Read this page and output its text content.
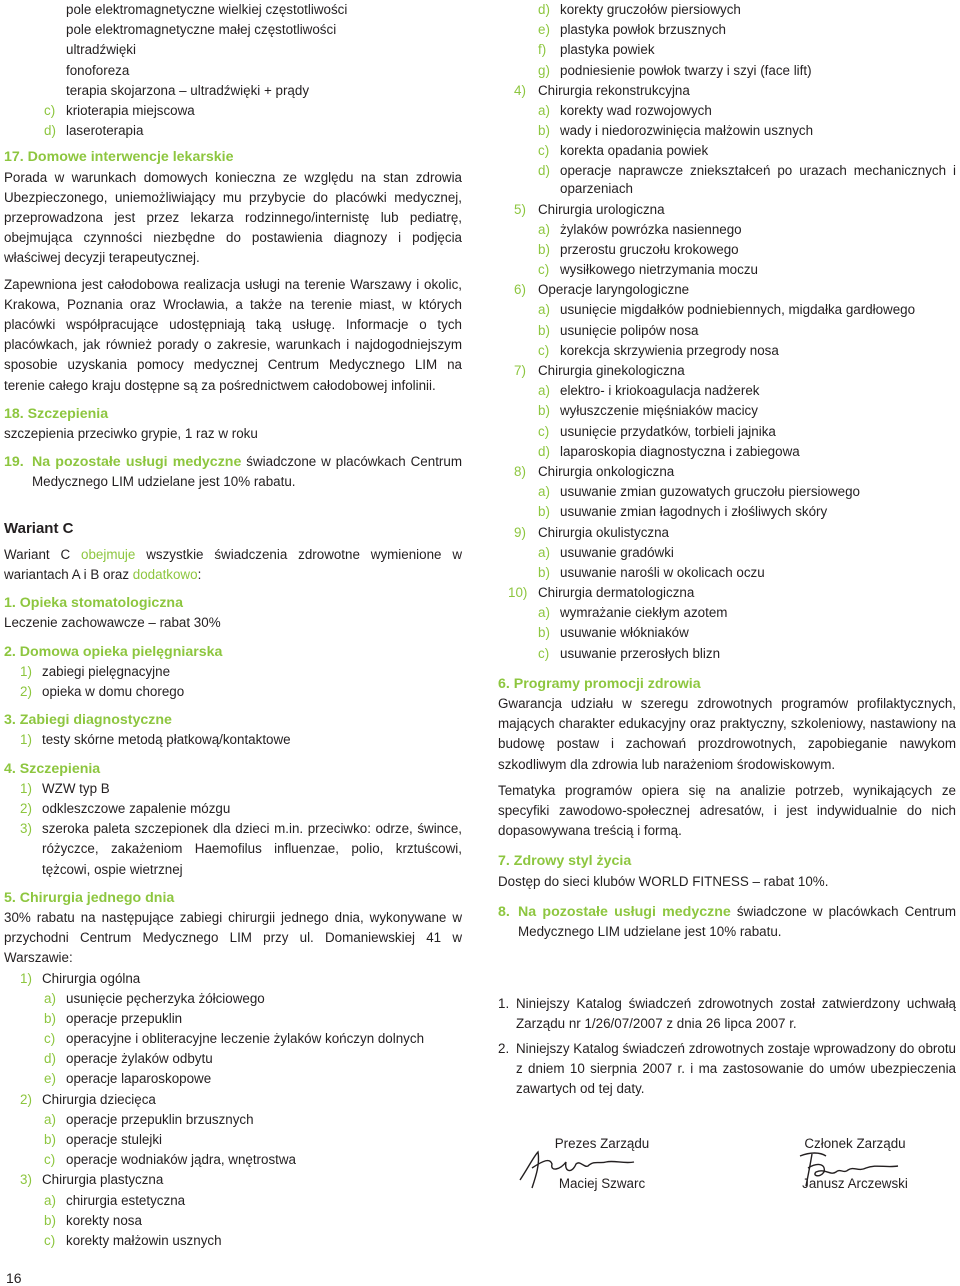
pole elektromagnetyczne wielkiej częstotliwości
pole elektromagnetyczne małej częstotliwości
ultradźwięki
fonoforeza
terapia skojarzona – ultradźwięki + prądy
c) krioterapia miejscowa
d) laseroterapia
17. Domowe interwencje lekarskie
Porada w warunkach domowych konieczna ze względu na stan zdrowia Ubezpieczonego, uniemożliwiający mu przybycie do placówki medycznej, przeprowadzona jest przez lekarza rodzinnego/internistę lub pediatrę, obejmująca czynności niezbędne do postawienia diagnozy i podjęcia właściwej decyzji terapeutycznej.
Zapewniona jest całodobowa realizacja usługi na terenie Warszawy i okolic, Krakowa, Poznania oraz Wrocławia, a także na terenie miast, w których placówki współpracujące udostępniają taką usługę. Informacje o tych placówkach, jak również porady o zakresie, warunkach i najdogodniejszym sposobie uzyskania pomocy medycznej Centrum Medycznego LIM na terenie całego kraju dostępne są za pośrednictwem całodobowej infolinii.
18. Szczepienia
szczepienia przeciwko grypie, 1 raz w roku
19. Na pozostałe usługi medyczne świadczone w placówkach Centrum Medycznego LIM udzielane jest 10% rabatu.
Wariant C
Wariant C obejmuje wszystkie świadczenia zdrowotne wymienione w wariantach A i B oraz dodatkowo:
1. Opieka stomatologiczna
Leczenie zachowawcze – rabat 30%
2. Domowa opieka pielęgniarska
1) zabiegi pielęgnacyjne
2) opieka w domu chorego
3. Zabiegi diagnostyczne
1) testy skórne metodą płatkową/kontaktowe
4. Szczepienia
1) WZW typ B
2) odkleszczowe zapalenie mózgu
3) szeroka paleta szczepionek dla dzieci m.in. przeciwko: odrze, śwince, różyczce, zakażeniom Haemofilus influenzae, polio, krztuścowi, tężcowi, ospie wietrznej
5. Chirurgia jednego dnia
30% rabatu na następujące zabiegi chirurgii jednego dnia, wykonywane w przychodni Centrum Medycznego LIM przy ul. Domaniewskiej 41 w Warszawie:
1) Chirurgia ogólna
a) usunięcie pęcherzyka żółciowego
b) operacje przepuklin
c) operacyjne i obliteracyjne leczenie żylaków kończyn dolnych
d) operacje żylaków odbytu
e) operacje laparoskopowe
2) Chirurgia dziecięca
a) operacje przepuklin brzusznych
b) operacje stulejki
c) operacje wodniaków jądra, wnętrostwa
3) Chirurgia plastyczna
a) chirurgia estetyczna
b) korekty nosa
c) korekty małżowin usznych
d) korekty gruczołów piersiowych
e) plastyka powłok brzusznych
f) plastyka powiek
g) podniesienie powłok twarzy i szyi (face lift)
4) Chirurgia rekonstrukcyjna
a) korekty wad rozwojowych
b) wady i niedorozwinięcia małżowin usznych
c) korekta opadania powiek
d) operacje naprawcze zniekształceń po urazach mechanicznych i oparzeniach
5) Chirurgia urologiczna
a) żylaków powrózka nasiennego
b) przerostu gruczołu krokowego
c) wysiłkowego nietrzymania moczu
6) Operacje laryngologiczne
a) usunięcie migdałków podniebiennych, migdałka gardłowego
b) usunięcie polipów nosa
c) korekcja skrzywienia przegrody nosa
7) Chirurgia ginekologiczna
a) elektro- i kriokoagulacja nadżerek
b) wyłuszczenie mięśniaków macicy
c) usunięcie przydatków, torbieli jajnika
d) laparoskopia diagnostyczna i zabiegowa
8) Chirurgia onkologiczna
a) usuwanie zmian guzowatych gruczołu piersiowego
b) usuwanie zmian łagodnych i złośliwych skóry
9) Chirurgia okulistyczna
a) usuwanie gradówki
b) usuwanie narośli w okolicach oczu
10) Chirurgia dermatologiczna
a) wymrażanie ciekłym azotem
b) usuwanie włókniaków
c) usuwanie przerosłych blizn
6. Programy promocji zdrowia
Gwarancja udziału w szeregu zdrowotnych programów profilaktycznych, mających charakter edukacyjny oraz praktyczny, szkoleniowy, nastawiony na budowę postaw i zachowań prozdrowotnych, zapobieganie nawykom szkodliwym dla zdrowia lub narażeniom środowiskowym.
Tematyka programów opiera się na analizie potrzeb, wynikających ze specyfiki zawodowo-społecznej adresatów, i jest indywidualnie do nich dopasowywana treścią i formą.
7. Zdrowy styl życia
Dostęp do sieci klubów WORLD FITNESS – rabat 10%.
8. Na pozostałe usługi medyczne świadczone w placówkach Centrum Medycznego LIM udzielane jest 10% rabatu.
1. Niniejszy Katalog świadczeń zdrowotnych został zatwierdzony uchwałą Zarządu nr 1/26/07/2007 z dnia 26 lipca 2007 r.
2. Niniejszy Katalog świadczeń zdrowotnych zostaje wprowadzony do obrotu z dniem 10 sierpnia 2007 r. i ma zastosowanie do umów ubezpieczenia zawartych od tej daty.
Prezes Zarządu
Maciej Szwarc
Członek Zarządu
Janusz Arczewski
16
